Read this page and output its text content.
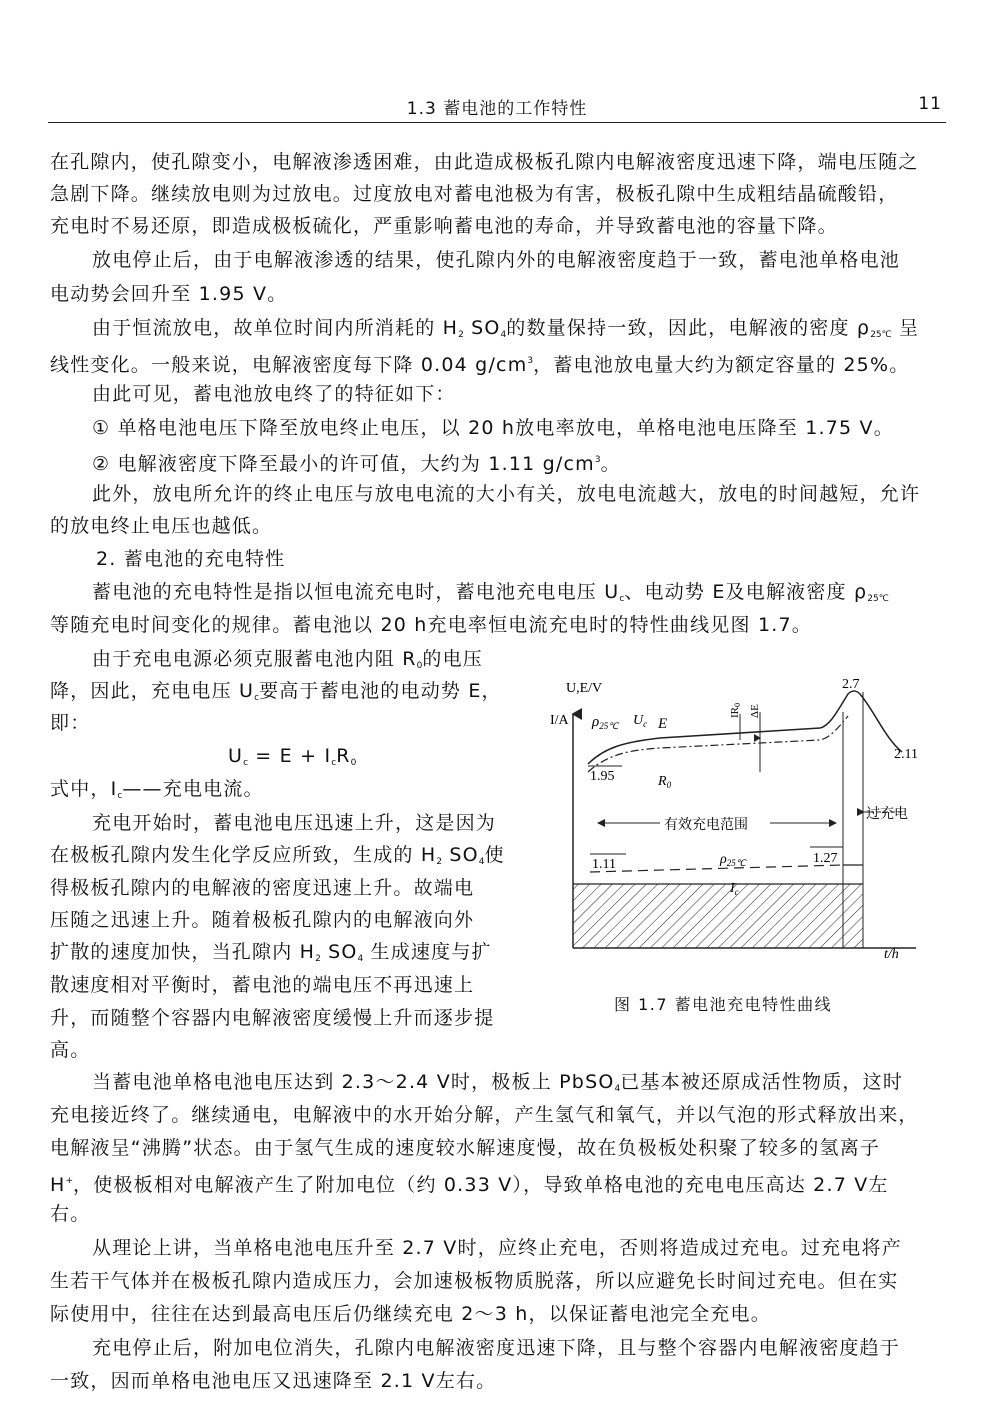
1.3 蓄电池的工作特性	11
在孔隙内，使孔隙变小，电解液渗透困难，由此造成极板孔隙内电解液密度迅速下降，端电压随之
急剧下降。继续放电则为过放电。过度放电对蓄电池极为有害，极板孔隙中生成粗结晶硫酸铅，
充电时不易还原，即造成极板硫化，严重影响蓄电池的寿命，并导致蓄电池的容量下降。
放电停止后，由于电解液渗透的结果，使孔隙内外的电解液密度趋于一致，蓄电池单格电池
电动势会回升至 1.95 V。
由于恒流放电，故单位时间内所消耗的 $H_2$ $SO_4$的数量保持一致，因此，电解液的密度 $\rho_{25℃}$ 呈
线性变化。一般来说，电解液密度每下降 0.04 $g/cm^3$，蓄电池放电量大约为额定容量的 25%。
由此可见，蓄电池放电终了的特征如下：
① 单格电池电压下降至放电终止电压，以 20 h放电率放电，单格电池电压降至 1.75 V。
② 电解液密度下降至最小的许可值，大约为 1.11 $g/cm^3$。
此外，放电所允许的终止电压与放电电流的大小有关，放电电流越大，放电的时间越短，允许
的放电终止电压也越低。
2. 蓄电池的充电特性
蓄电池的充电特性是指以恒电流充电时，蓄电池充电电压 $U_c$、电动势 E及电解液密度 $\rho_{25℃}$
等随充电时间变化的规律。蓄电池以 20 h充电率恒电流充电时的特性曲线见图 1.7。
由于充电电源必须克服蓄电池内阻 $R_0$的电压
降，因此，充电电压 $U_c$要高于蓄电池的电动势 E，
即：
$U_c = E + I_cR_0$
式中，$I_c——$充电电流。
充电开始时，蓄电池电压迅速上升，这是因为
在极板孔隙内发生化学反应所致，生成的 $H_2$ $SO_4$使
得极板孔隙内的电解液的密度迅速上升。故端电
压随之迅速上升。随着极板孔隙内的电解液向外
扩散的速度加快，当孔隙内 $H_2$ $SO_4$ 生成速度与扩
散速度相对平衡时，蓄电池的端电压不再迅速上
升，而随整个容器内电解液密度缓慢上升而逐步提
高。
当蓄电池单格电池电压达到 2.3～2.4 V时，极板上 PbSO$_4$已基本被还原成活性物质，这时
充电接近终了。继续通电，电解液中的水开始分解，产生氢气和氧气，并以气泡的形式释放出来，
电解液呈“沸腾”状态。由于氢气生成的速度较水解速度慢，故在负极板处积聚了较多的氢离子
H+，使极板相对电解液产生了附加电位（约 0.33 V），导致单格电池的充电电压高达 2.7 V左
右。
从理论上讲，当单格电池电压升至 2.7 V时，应终止充电，否则将造成过充电。过充电将产
生若干气体并在极板孔隙内造成压力，会加速极板物质脱落，所以应避免长时间过充电。但在实
际使用中，往往在达到最高电压后仍继续充电 2～3 h，以保证蓄电池完全充电。
充电停止后，附加电位消失，孔隙内电解液密度迅速下降，且与整个容器内电解液密度趋于
一致，因而单格电池电压又迅速降至 2.1 V左右。
U,E/V
I/A
t/h
$\rho_{25℃}$ $U_c$ E
$R_0$
IR0 ΔE
$I_c$
$\rho_{25℃}$
2.7
2.11
1.95
1.11	1.27
有效充电范围
过充电
图 1.7 蓄电池充电特性曲线
